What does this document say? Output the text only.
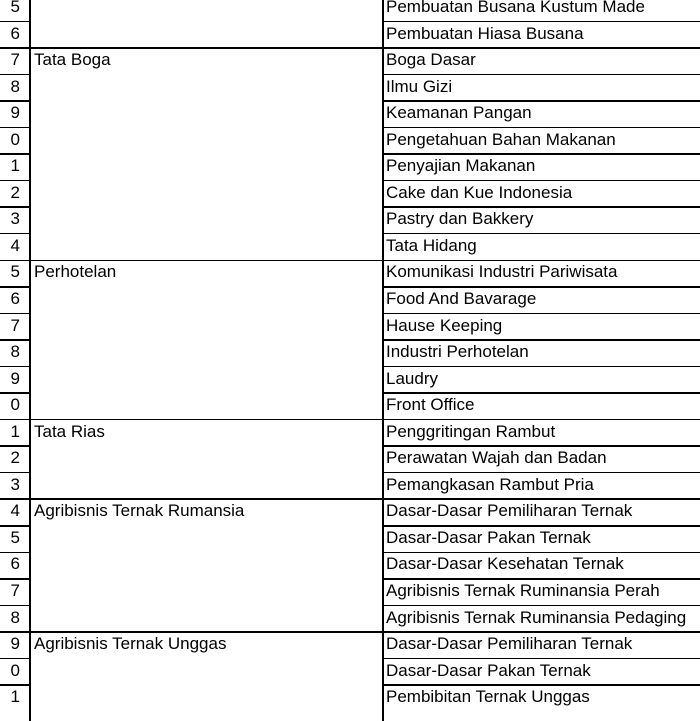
5	Pembuatan Busana Kustum Made
6	Pembuatan Hiasa Busana
7 Tata Boga	Boga Dasar
8	Ilmu Gizi
9	Keamanan Pangan
0	Pengetahuan Bahan Makanan
1	Penyajian Makanan
2	Cake dan Kue Indonesia
3	Pastry dan Bakkery
4	Tata Hidang
5 Perhotelan	Komunikasi Industri Pariwisata
6	Food And Bavarage
7	Hause Keeping
8	Industri Perhotelan
9	Laudry
0	Front Office
1 Tata Rias	Penggritingan Rambut
2	Perawatan Wajah dan Badan
3	Pemangkasan Rambut Pria
4 Agribisnis Ternak Rumansia	Dasar-Dasar Pemiliharan Ternak
5	Dasar-Dasar Pakan Ternak
6	Dasar-Dasar Kesehatan Ternak
7	Agribisnis Ternak Ruminansia Perah
8	Agribisnis Ternak Ruminansia Pedaging
9 Agribisnis Ternak Unggas	Dasar-Dasar Pemiliharan Ternak
0	Dasar-Dasar Pakan Ternak
1	Pembibitan Ternak Unggas
